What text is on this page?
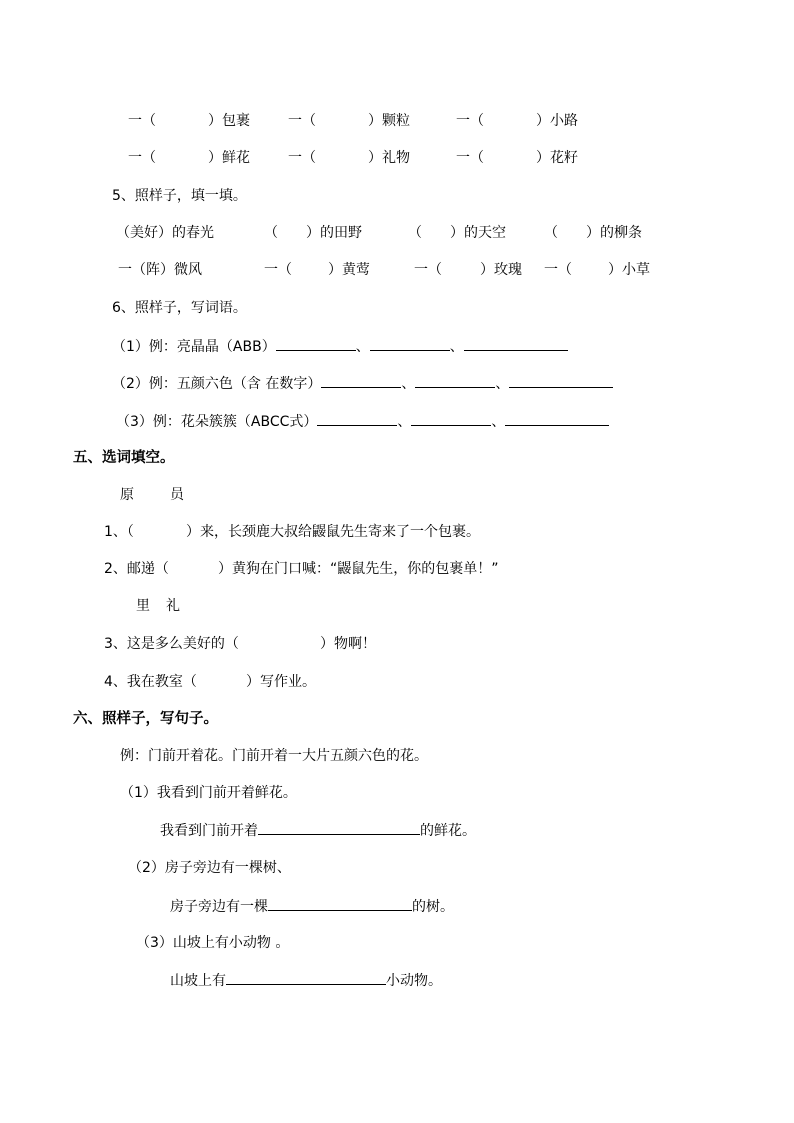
一（	）包裹	一（	）颗粒	一（	）小路
一（	）鲜花	一（	）礼物	一（	）花籽
5、照样子，填一填。
（美好）的春光	（ ）的田野	（ ）的天空	（ ）的柳条
一（阵）微风	一（	）黄莺	一（	）玫瑰 一（	）小草
6、照样子，写词语。
（1）例：亮晶晶（ABB）	、	、
（2）例：五颜六色（含 在数字）	、	、
（3）例：花朵簇簇（ABCC式）	、	、
五、选词填空。
原	员
1、（	）来，长颈鹿大叔给鼹鼠先生寄来了一个包裹。
2、邮递（	）黄狗在门口喊：“鼹鼠先生，你的包裹单！”
里 礼
3、这是多么美好的（	）物啊！
4、我在教室（	）写作业。
六、照样子，写句子。
例：门前开着花。门前开着一大片五颜六色的花。
（1）我看到门前开着鲜花。
我看到门前开着	的鲜花。
（2）房子旁边有一棵树、
房子旁边有一棵	的树。
（3）山坡上有小动物 。
山坡上有	小动物。
